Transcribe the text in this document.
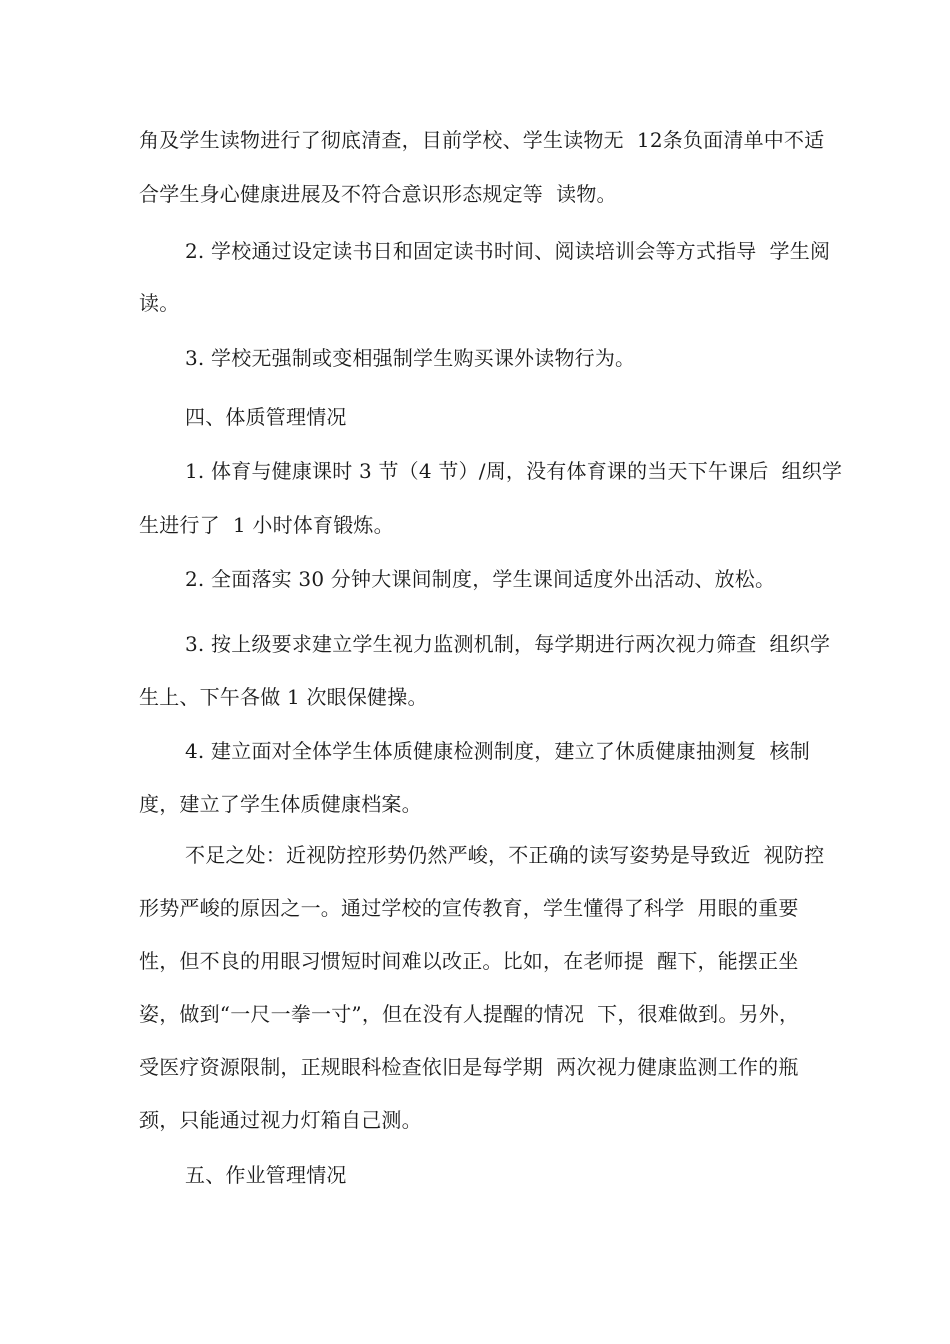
角及学生读物进行了彻底清查，目前学校、学生读物无  12条负面清单中不适
合学生身心健康进展及不符合意识形态规定等  读物。
2. 学校通过设定读书日和固定读书时间、阅读培训会等方式指导  学生阅
读。
3. 学校无强制或变相强制学生购买课外读物行为。
四、体质管理情况
1. 体育与健康课时 3 节（4 节）/周，没有体育课的当天下午课后  组织学
生进行了  1 小时体育锻炼。
2. 全面落实 30 分钟大课间制度，学生课间适度外出活动、放松。
3. 按上级要求建立学生视力监测机制，每学期进行两次视力筛查  组织学
生上、下午各做 1 次眼保健操。
4. 建立面对全体学生体质健康检测制度，建立了休质健康抽测复  核制
度，建立了学生体质健康档案。
不足之处：近视防控形势仍然严峻，不正确的读写姿势是导致近  视防控
形势严峻的原因之一。通过学校的宣传教育，学生懂得了科学  用眼的重要
性，但不良的用眼习惯短时间难以改正。比如，在老师提  醒下，能摆正坐
姿，做到“一尺一拳一寸”，但在没有人提醒的情况  下，很难做到。另外，
受医疗资源限制，正规眼科检查依旧是每学期  两次视力健康监测工作的瓶
颈，只能通过视力灯箱自己测。
五、作业管理情况
